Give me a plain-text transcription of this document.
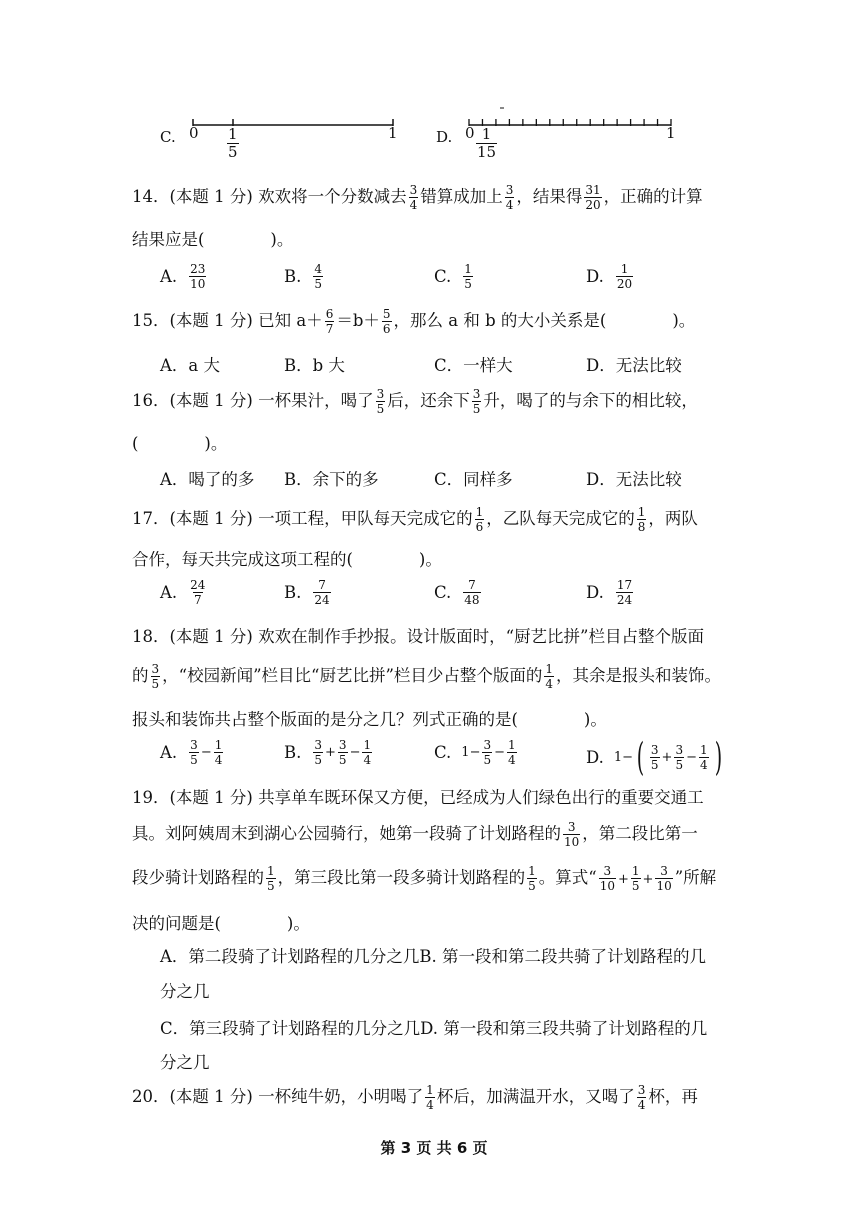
C. 0	1
$\frac{1}{5}$	D. 0	1
$\frac{1}{15}$
14．(本题 1 分) 欢欢将一个分数减去 $\frac{3}{4}$ 错算成加上 $\frac{3}{4}$ ，结果得 $\frac{31}{20}$ ，正确的计算
结果应是(　　　　)。
A. $\frac{23}{10}$	B. $\frac{4}{5}$	C. $\frac{1}{5}$	D. $\frac{1}{20}$
15．(本题 1 分) 已知 $a+ \frac{6}{7} =b+ \frac{5}{6}$ ，那么 a 和 b 的大小关系是(　　　　)。
A．a 大	B．b 大	C．一样大	D．无法比较
16．(本题 1 分) 一杯果汁，喝了 $\frac{3}{5}$ 后，还余下 $\frac{3}{5}$ 升，喝了的与余下的相比较，
(　　　　)。
A．喝了的多 B．余下的多	C．同样多	D．无法比较
17．(本题 1 分) 一项工程，甲队每天完成它的 $\frac{1}{6}$ ，乙队每天完成它的 $\frac{1}{8}$ ，两队
合作，每天共完成这项工程的(　　　　)。
A. $\frac{24}{7}$	B. $\frac{7}{24}$	C. $\frac{7}{48}$	D. $\frac{17}{24}$
18．(本题 1 分) 欢欢在制作手抄报。设计版面时，“厨艺比拼”栏目占整个版面
的 $\frac{3}{5}$ ，“校园新闻”栏目比“厨艺比拼”栏目少占整个版面的 $\frac{1}{4}$ ，其余是报头和装饰。
报头和装饰共占整个版面的是分之几？列式正确的是(　　　　)。
A. $\frac{3}{5} - \frac{1}{4}$	B. $\frac{3}{5} + \frac{3}{5} - \frac{1}{4}$	C. $1 - \frac{3}{5} - \frac{1}{4}$	D. 1 − ( $\frac{3}{5} + \frac{3}{5} - \frac{1}{4}$ )
19．(本题 1 分) 共享单车既环保又方便，已经成为人们绿色出行的重要交通工
具。刘阿姨周末到湖心公园骑行，她第一段骑了计划路程的 $\frac{3}{10}$ ，第二段比第一
段少骑计划路程的 $\frac{1}{5}$ ，第三段比第一段多骑计划路程的 $\frac{1}{5}$ 。算式“ $\frac{3}{10} + \frac{1}{5} + \frac{3}{10}$ ”所解
决的问题是(　　　　)。
A．第二段骑了计划路程的几分之几B. 第一段和第二段共骑了计划路程的几
分之几
C．第三段骑了计划路程的几分之几D. 第一段和第三段共骑了计划路程的几
分之几
20．(本题 1 分) 一杯纯牛奶，小明喝了 $\frac{1}{4}$ 杯后，加满温开水，又喝了 $\frac{3}{4}$ 杯，再
第 3 页 共 6 页
